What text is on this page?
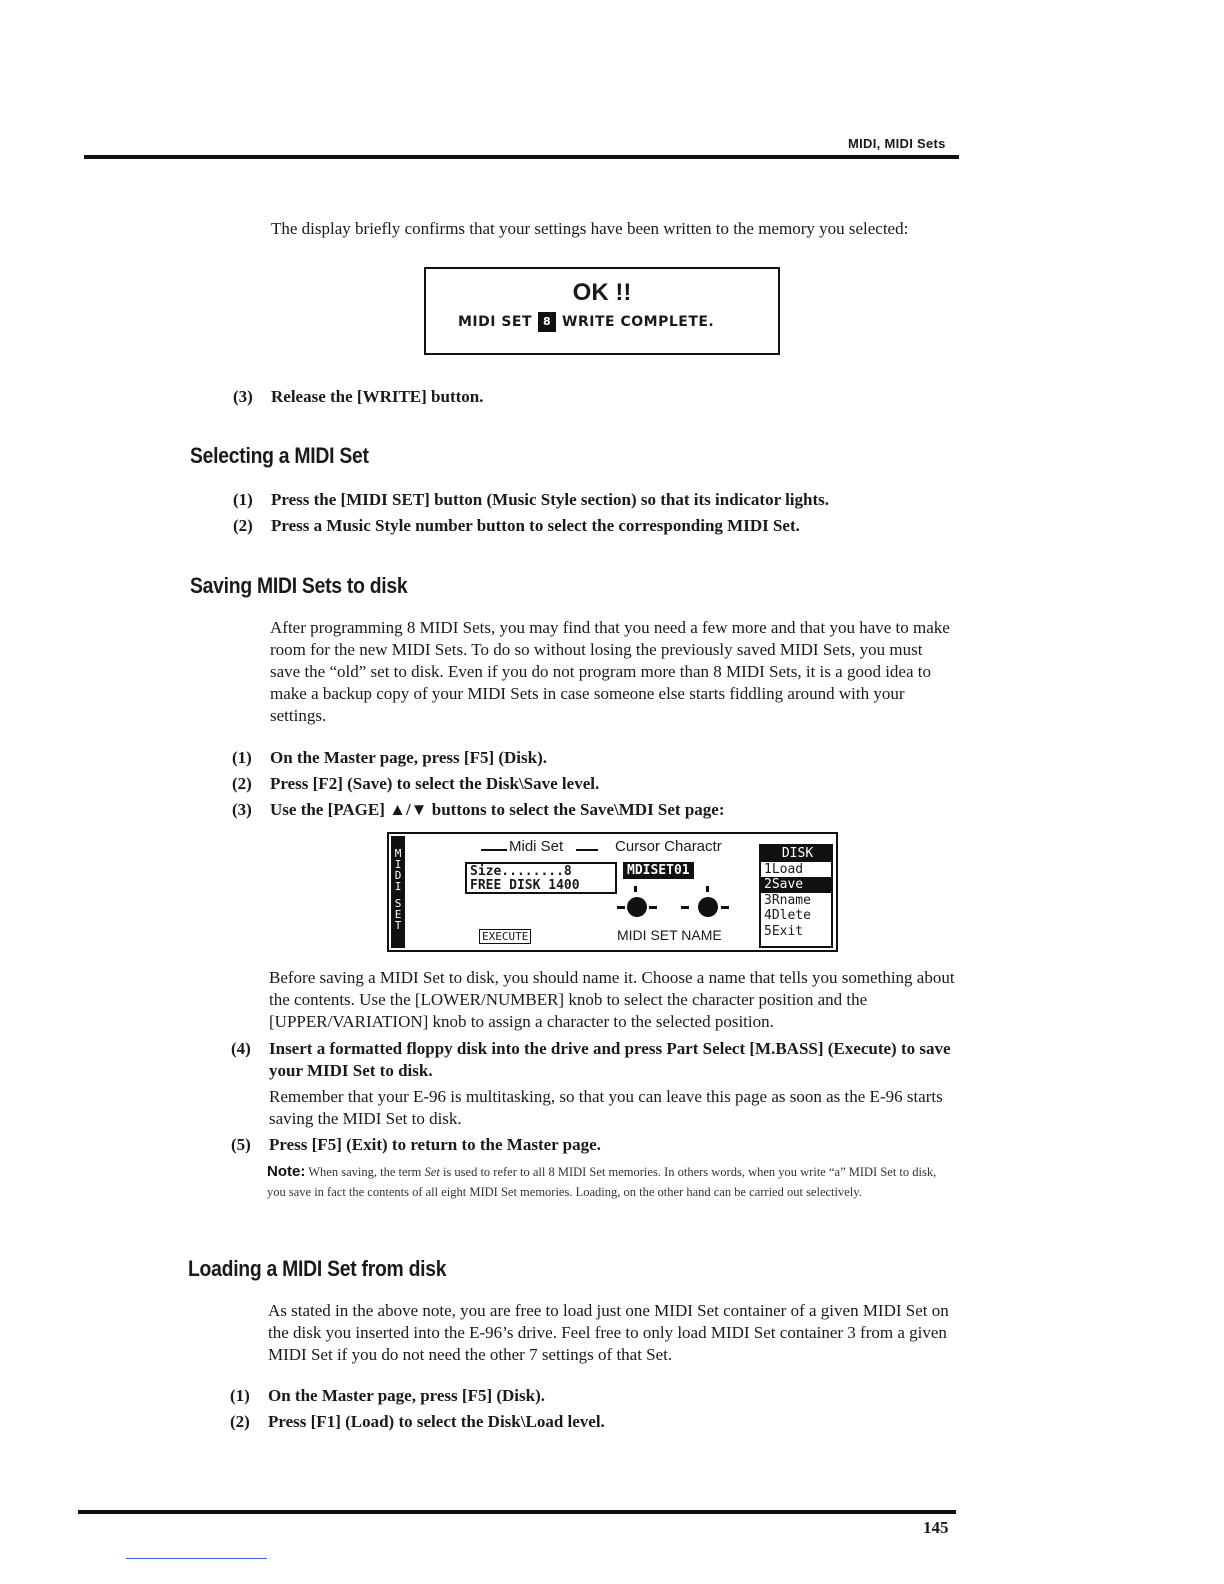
MIDI, MIDI Sets
The display briefly confirms that your settings have been written to the memory you selected:
OK !!
MIDI SET 8 WRITE COMPLETE.
(3)	Release the [WRITE] button.
Selecting a MIDI Set
(1)	Press the [MIDI SET] button (Music Style section) so that its indicator lights.
(2)	Press a Music Style number button to select the corresponding MIDI Set.
Saving MIDI Sets to disk
After programming 8 MIDI Sets, you may find that you need a few more and that you have to make room for the new MIDI Sets. To do so without losing the previously saved MIDI Sets, you must save the “old” set to disk. Even if you do not program more than 8 MIDI Sets, it is a good idea to make a backup copy of your MIDI Sets in case someone else starts fiddling around with your settings.
(1)	On the Master page, press [F5] (Disk).
(2)	Press [F2] (Save) to select the Disk\Save level.
(3)	Use the [PAGE] ▲/▼ buttons to select the Save\MDI Set page:
M
I
D
I
S
E
T
Midi Set	Cursor Charactr
Size........8
FREE DISK 1400
MDISET01
EXECUTE	MIDI SET NAME
DISK
1Load
2Save
3Rname
4Dlete
5Exit
Before saving a MIDI Set to disk, you should name it. Choose a name that tells you something about the contents. Use the [LOWER/NUMBER] knob to select the character position and the [UPPER/VARIATION] knob to assign a character to the selected position.
(4)	Insert a formatted floppy disk into the drive and press Part Select [M.BASS] (Execute) to save your MIDI Set to disk.
Remember that your E-96 is multitasking, so that you can leave this page as soon as the E-96 starts saving the MIDI Set to disk.
(5)	Press [F5] (Exit) to return to the Master page.
Note: When saving, the term Set is used to refer to all 8 MIDI Set memories. In others words, when you write “a” MIDI Set to disk, you save in fact the contents of all eight MIDI Set memories. Loading, on the other hand can be carried out selectively.
Loading a MIDI Set from disk
As stated in the above note, you are free to load just one MIDI Set container of a given MIDI Set on the disk you inserted into the E-96’s drive. Feel free to only load MIDI Set container 3 from a given MIDI Set if you do not need the other 7 settings of that Set.
(1)	On the Master page, press [F5] (Disk).
(2)	Press [F1] (Load) to select the Disk\Load level.
145
